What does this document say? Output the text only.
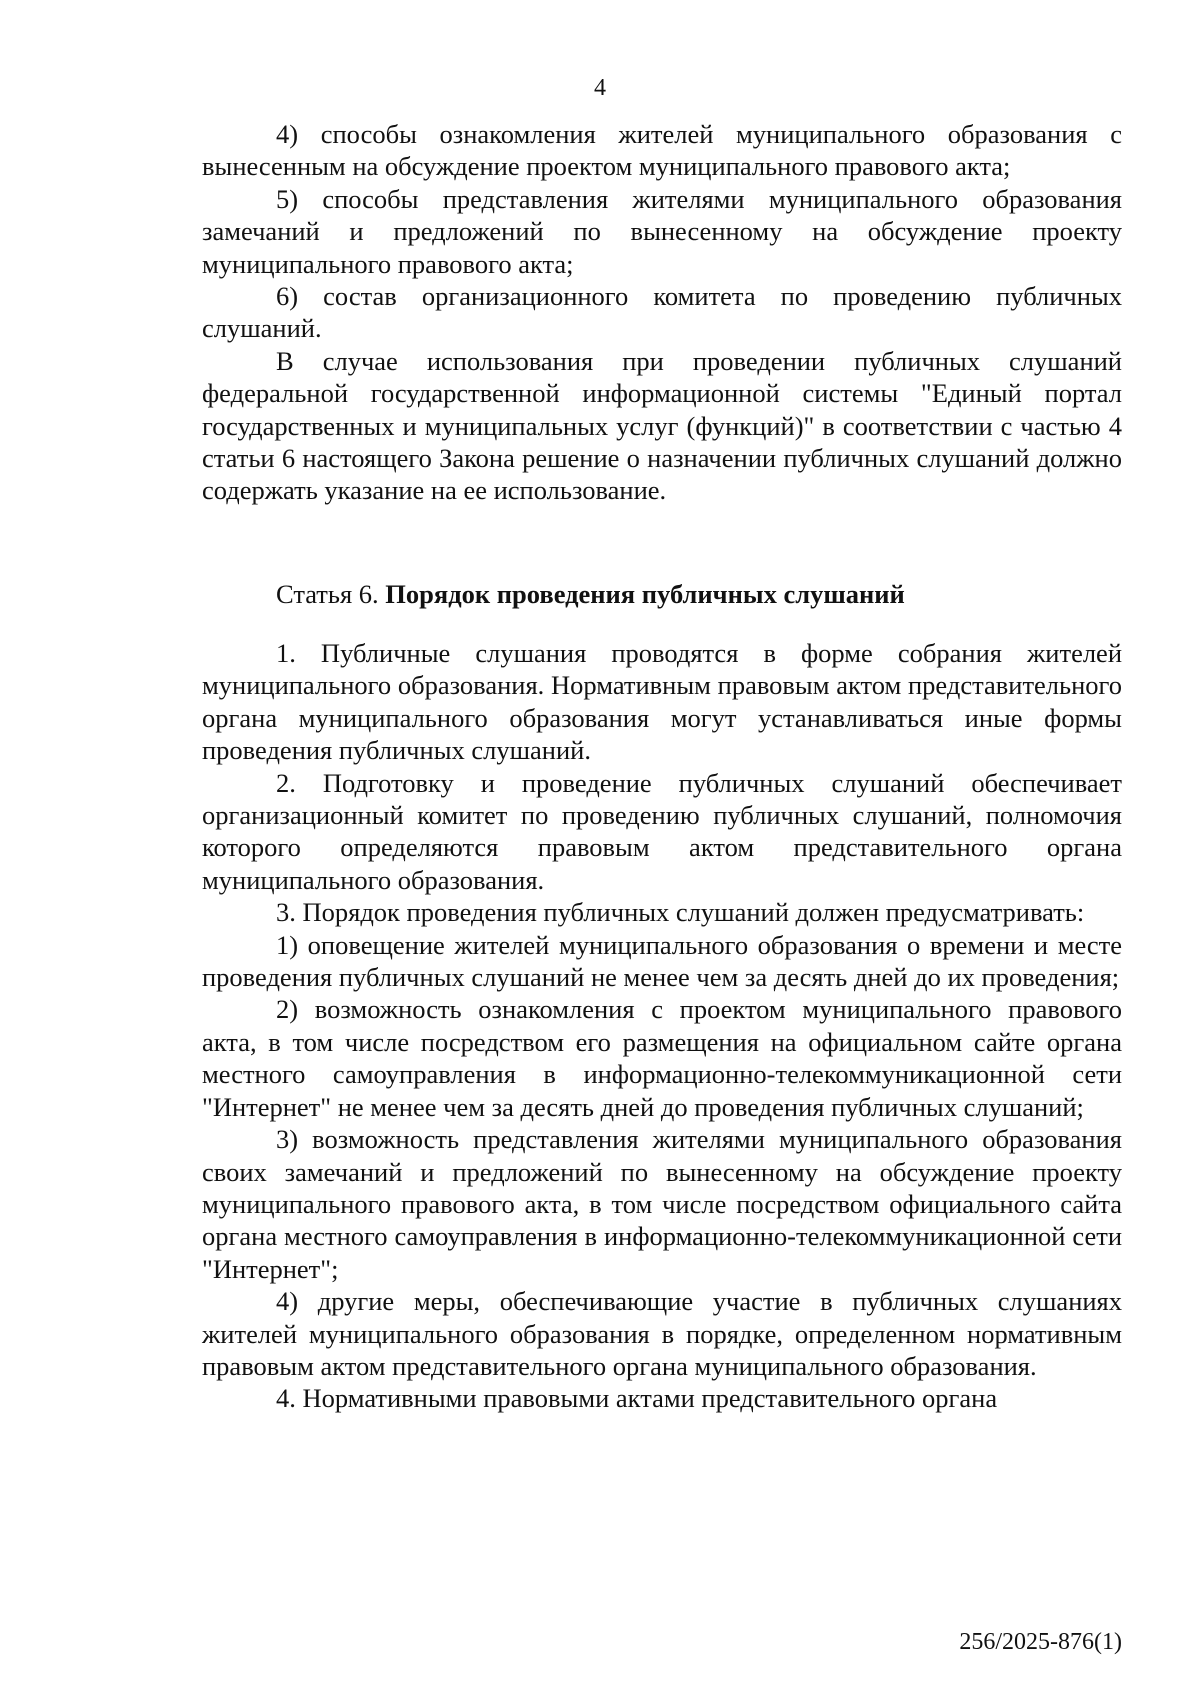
4

4) способы ознакомления жителей муниципального образования с вынесенным на обсуждение проектом муниципального правового акта;

5) способы представления жителями муниципального образования замечаний и предложений по вынесенному на обсуждение проекту муниципального правового акта;

6) состав организационного комитета по проведению публичных слушаний.

В случае использования при проведении публичных слушаний федеральной государственной информационной системы "Единый портал государственных и муниципальных услуг (функций)" в соответствии с частью 4 статьи 6 настоящего Закона решение о назначении публичных слушаний должно содержать указание на ее использование.

Статья 6. Порядок проведения публичных слушаний

1. Публичные слушания проводятся в форме собрания жителей муниципального образования. Нормативным правовым актом представительного органа муниципального образования могут устанавливаться иные формы проведения публичных слушаний.

2. Подготовку и проведение публичных слушаний обеспечивает организационный комитет по проведению публичных слушаний, полномочия которого определяются правовым актом представительного органа муниципального образования.

3. Порядок проведения публичных слушаний должен предусматривать:

1) оповещение жителей муниципального образования о времени и месте проведения публичных слушаний не менее чем за десять дней до их проведения;

2) возможность ознакомления с проектом муниципального правового акта, в том числе посредством его размещения на официальном сайте органа местного самоуправления в информационно-телекоммуникационной сети "Интернет" не менее чем за десять дней до проведения публичных слушаний;

3) возможность представления жителями муниципального образования своих замечаний и предложений по вынесенному на обсуждение проекту муниципального правового акта, в том числе посредством официального сайта органа местного самоуправления в информационно-телекоммуникационной сети "Интернет";

4) другие меры, обеспечивающие участие в публичных слушаниях жителей муниципального образования в порядке, определенном нормативным правовым актом представительного органа муниципального образования.

4. Нормативными правовыми актами представительного органа

256/2025-876(1)
